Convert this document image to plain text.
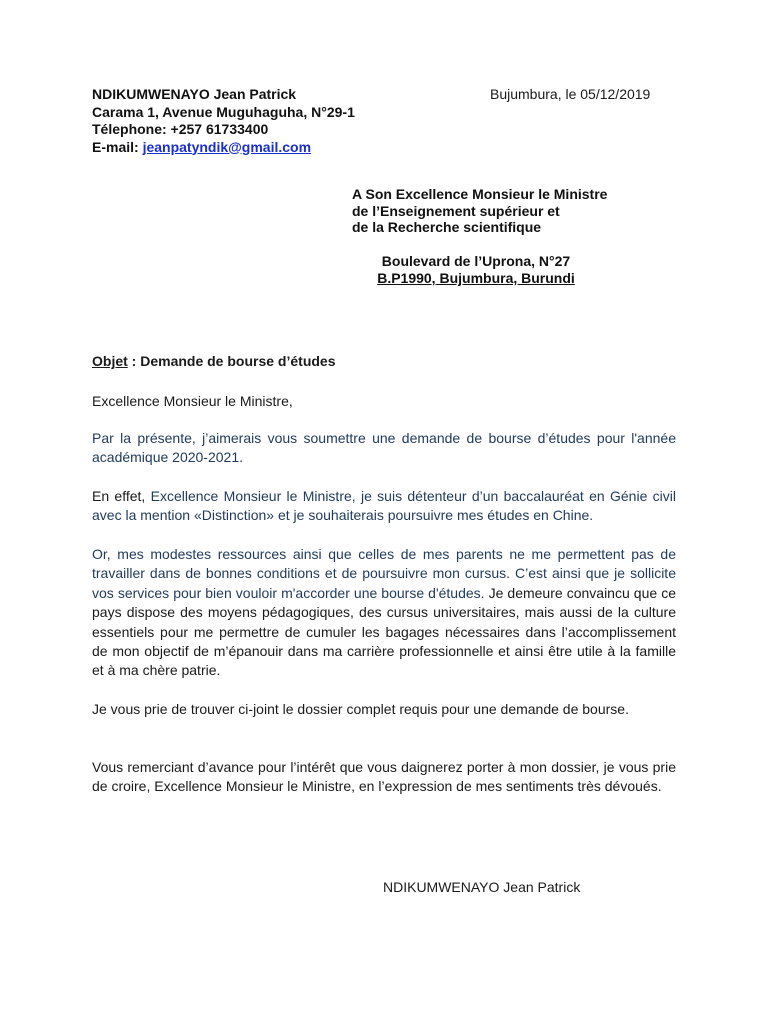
NDIKUMWENAYO Jean Patrick
Carama 1, Avenue Muguhaguha, N°29-1
Télephone: +257 61733400
E-mail: jeanpatyndik@gmail.com
Bujumbura, le 05/12/2019
A Son Excellence Monsieur le Ministre
de l’Enseignement supérieur et
de la Recherche scientifique
Boulevard de l’Uprona, N°27
B.P1990, Bujumbura, Burundi
Objet : Demande de bourse d’études
Excellence Monsieur le Ministre,
Par la présente, j’aimerais vous soumettre une demande de bourse d’études pour l'année académique 2020-2021.
En effet, Excellence Monsieur le Ministre, je suis détenteur d’un baccalauréat en Génie civil avec la mention «Distinction» et je souhaiterais poursuivre mes études en Chine.
Or, mes modestes ressources ainsi que celles de mes parents ne me permettent pas de travailler dans de bonnes conditions et de poursuivre mon cursus. C’est ainsi que je sollicite vos services pour bien vouloir m'accorder une bourse d'études. Je demeure convaincu que ce pays dispose des moyens pédagogiques, des cursus universitaires, mais aussi de la culture essentiels pour me permettre de cumuler les bagages nécessaires dans l’accomplissement de mon objectif de m’épanouir dans ma carrière professionnelle et ainsi être utile à la famille et à ma chère patrie.
Je vous prie de trouver ci-joint le dossier complet requis pour une demande de bourse.
Vous remerciant d’avance pour l’intérêt que vous daignerez porter à mon dossier, je vous prie de croire, Excellence Monsieur le Ministre, en l’expression de mes sentiments très dévoués.
NDIKUMWENAYO Jean Patrick
